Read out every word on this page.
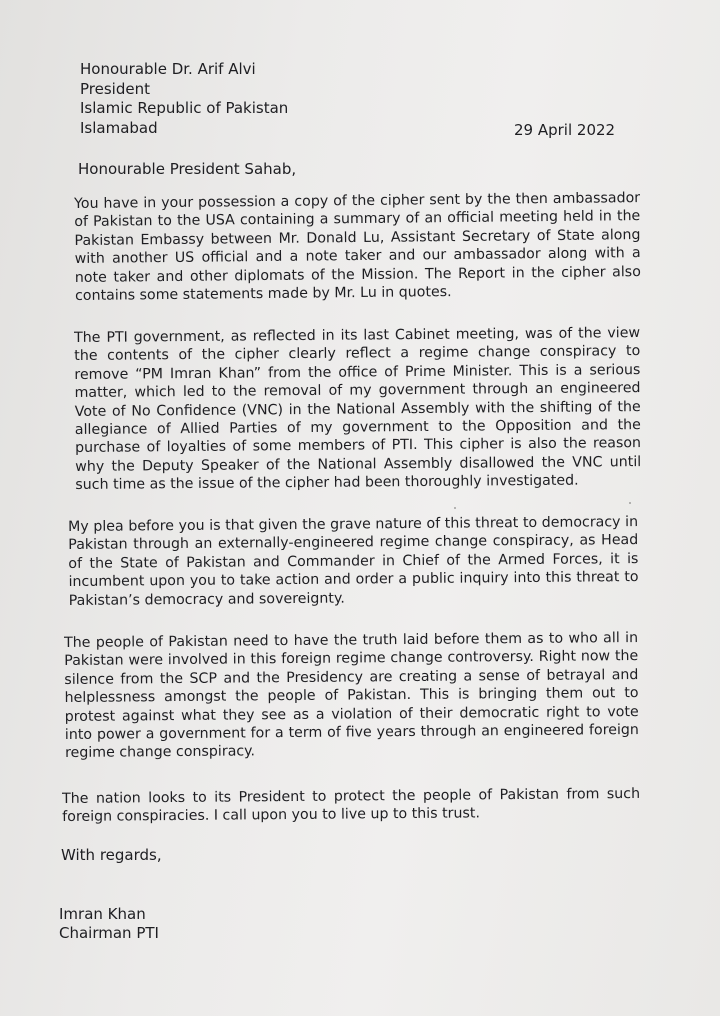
Honourable Dr. Arif Alvi
President
Islamic Republic of Pakistan
Islamabad	29 April 2022
Honourable President Sahab,

You have in your possession a copy of the cipher sent by the then ambassador of Pakistan to the USA containing a summary of an official meeting held in the Pakistan Embassy between Mr. Donald Lu, Assistant Secretary of State along with another US official and a note taker and our ambassador along with a note taker and other diplomats of the Mission. The Report in the cipher also contains some statements made by Mr. Lu in quotes.

The PTI government, as reflected in its last Cabinet meeting, was of the view the contents of the cipher clearly reflect a regime change conspiracy to remove “PM Imran Khan” from the office of Prime Minister. This is a serious matter, which led to the removal of my government through an engineered Vote of No Confidence (VNC) in the National Assembly with the shifting of the allegiance of Allied Parties of my government to the Opposition and the purchase of loyalties of some members of PTI. This cipher is also the reason why the Deputy Speaker of the National Assembly disallowed the VNC until such time as the issue of the cipher had been thoroughly investigated.

My plea before you is that given the grave nature of this threat to democracy in Pakistan through an externally-engineered regime change conspiracy, as Head of the State of Pakistan and Commander in Chief of the Armed Forces, it is incumbent upon you to take action and order a public inquiry into this threat to Pakistan’s democracy and sovereignty.

The people of Pakistan need to have the truth laid before them as to who all in Pakistan were involved in this foreign regime change controversy. Right now the silence from the SCP and the Presidency are creating a sense of betrayal and helplessness amongst the people of Pakistan. This is bringing them out to protest against what they see as a violation of their democratic right to vote into power a government for a term of five years through an engineered foreign regime change conspiracy.

The nation looks to its President to protect the people of Pakistan from such foreign conspiracies. I call upon you to live up to this trust.

With regards,
Imran Khan
Chairman PTI
